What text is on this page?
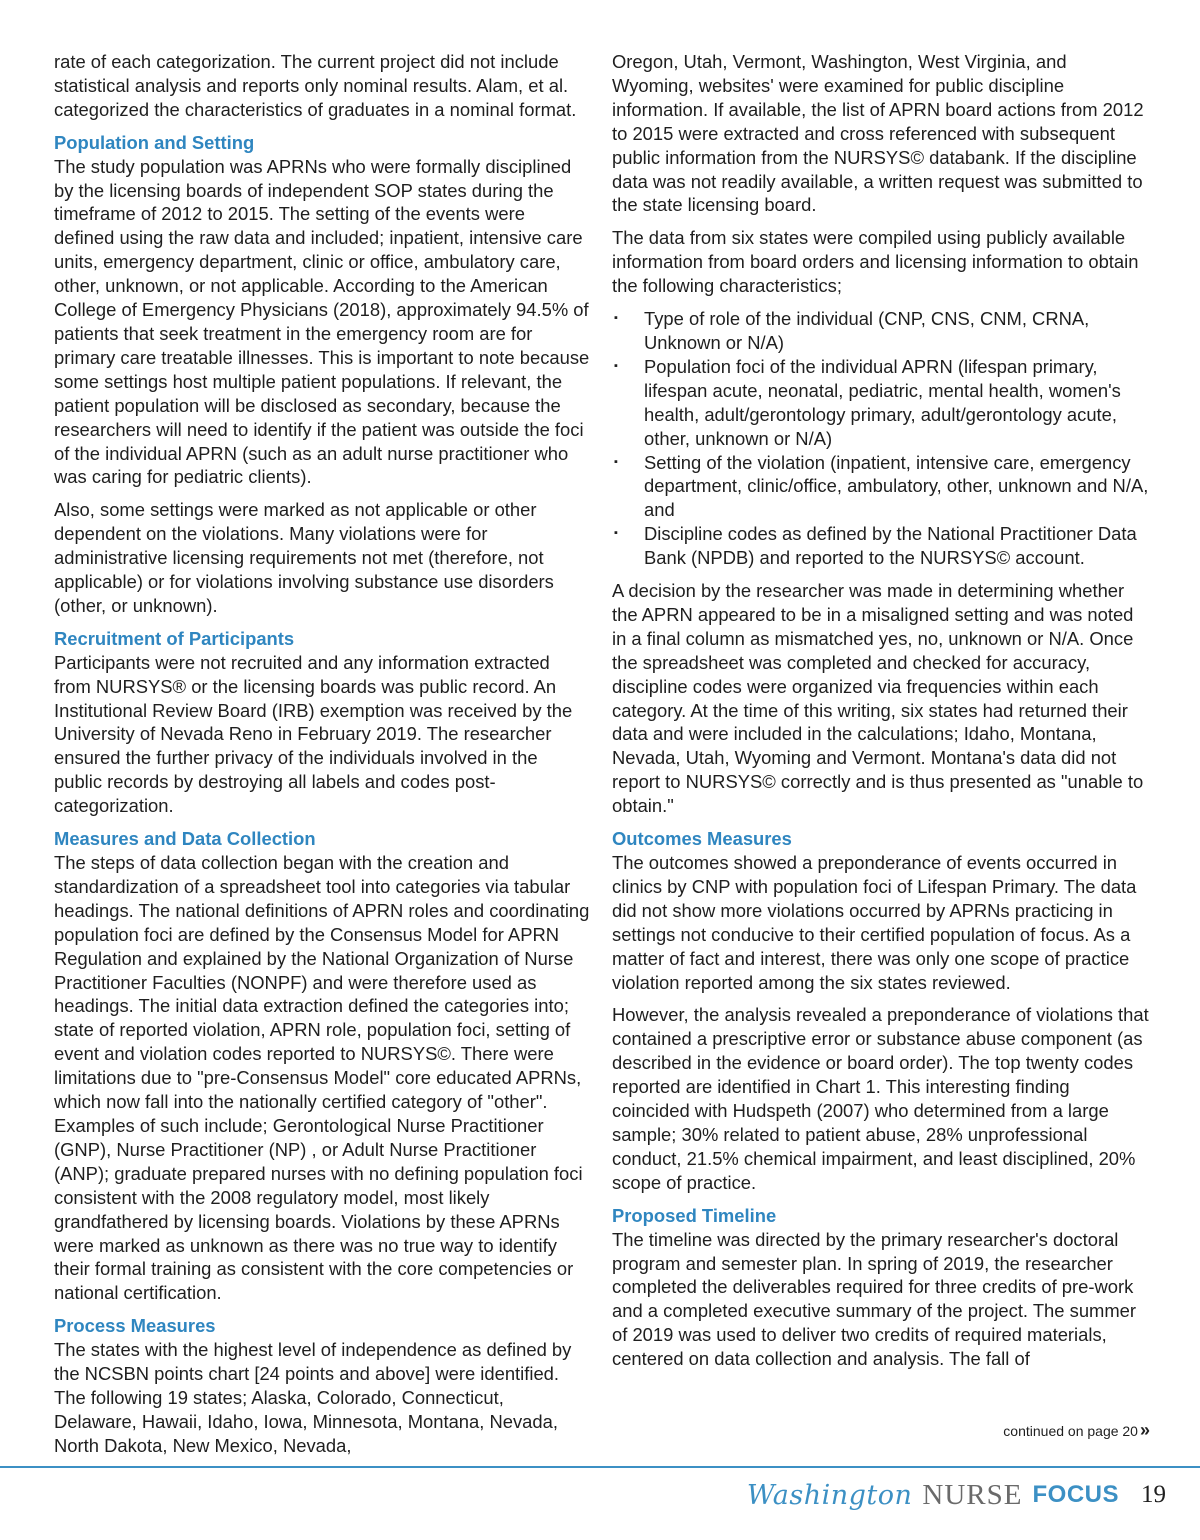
rate of each categorization. The current project did not include statistical analysis and reports only nominal results. Alam, et al. categorized the characteristics of graduates in a nominal format.

Population and Setting

The study population was APRNs who were formally disciplined by the licensing boards of independent SOP states during the timeframe of 2012 to 2015. The setting of the events were defined using the raw data and included; inpatient, intensive care units, emergency department, clinic or office, ambulatory care, other, unknown, or not applicable. According to the American College of Emergency Physicians (2018), approximately 94.5% of patients that seek treatment in the emergency room are for primary care treatable illnesses. This is important to note because some settings host multiple patient populations. If relevant, the patient population will be disclosed as secondary, because the researchers will need to identify if the patient was outside the foci of the individual APRN (such as an adult nurse practitioner who was caring for pediatric clients).

Also, some settings were marked as not applicable or other dependent on the violations. Many violations were for administrative licensing requirements not met (therefore, not applicable) or for violations involving substance use disorders (other, or unknown).

Recruitment of Participants

Participants were not recruited and any information extracted from NURSYS® or the licensing boards was public record. An Institutional Review Board (IRB) exemption was received by the University of Nevada Reno in February 2019. The researcher ensured the further privacy of the individuals involved in the public records by destroying all labels and codes post-categorization.

Measures and Data Collection

The steps of data collection began with the creation and standardization of a spreadsheet tool into categories via tabular headings. The national definitions of APRN roles and coordinating population foci are defined by the Consensus Model for APRN Regulation and explained by the National Organization of Nurse Practitioner Faculties (NONPF) and were therefore used as headings. The initial data extraction defined the categories into; state of reported violation, APRN role, population foci, setting of event and violation codes reported to NURSYS©. There were limitations due to "pre-Consensus Model" core educated APRNs, which now fall into the nationally certified category of "other". Examples of such include; Gerontological Nurse Practitioner (GNP), Nurse Practitioner (NP) , or Adult Nurse Practitioner (ANP); graduate prepared nurses with no defining population foci consistent with the 2008 regulatory model, most likely grandfathered by licensing boards. Violations by these APRNs were marked as unknown as there was no true way to identify their formal training as consistent with the core competencies or national certification.

Process Measures

The states with the highest level of independence as defined by the NCSBN points chart [24 points and above] were identified. The following 19 states; Alaska, Colorado, Connecticut, Delaware, Hawaii, Idaho, Iowa, Minnesota, Montana, Nevada, North Dakota, New Mexico, Nevada,

Oregon, Utah, Vermont, Washington, West Virginia, and Wyoming, websites' were examined for public discipline information. If available, the list of APRN board actions from 2012 to 2015 were extracted and cross referenced with subsequent public information from the NURSYS© databank. If the discipline data was not readily available, a written request was submitted to the state licensing board.

The data from six states were compiled using publicly available information from board orders and licensing information to obtain the following characteristics;

▪ Type of role of the individual (CNP, CNS, CNM, CRNA, Unknown or N/A)
▪ Population foci of the individual APRN (lifespan primary, lifespan acute, neonatal, pediatric, mental health, women's health, adult/gerontology primary, adult/gerontology acute, other, unknown or N/A)
▪ Setting of the violation (inpatient, intensive care, emergency department, clinic/office, ambulatory, other, unknown and N/A, and
▪ Discipline codes as defined by the National Practitioner Data Bank (NPDB) and reported to the NURSYS© account.

A decision by the researcher was made in determining whether the APRN appeared to be in a misaligned setting and was noted in a final column as mismatched yes, no, unknown or N/A. Once the spreadsheet was completed and checked for accuracy, discipline codes were organized via frequencies within each category. At the time of this writing, six states had returned their data and were included in the calculations; Idaho, Montana, Nevada, Utah, Wyoming and Vermont. Montana's data did not report to NURSYS© correctly and is thus presented as "unable to obtain."

Outcomes Measures

The outcomes showed a preponderance of events occurred in clinics by CNP with population foci of Lifespan Primary. The data did not show more violations occurred by APRNs practicing in settings not conducive to their certified population of focus. As a matter of fact and interest, there was only one scope of practice violation reported among the six states reviewed.

However, the analysis revealed a preponderance of violations that contained a prescriptive error or substance abuse component (as described in the evidence or board order). The top twenty codes reported are identified in Chart 1. This interesting finding coincided with Hudspeth (2007) who determined from a large sample; 30% related to patient abuse, 28% unprofessional conduct, 21.5% chemical impairment, and least disciplined, 20% scope of practice.

Proposed Timeline

The timeline was directed by the primary researcher's doctoral program and semester plan. In spring of 2019, the researcher completed the deliverables required for three credits of pre-work and a completed executive summary of the project. The summer of 2019 was used to deliver two credits of required materials, centered on data collection and analysis. The fall of

continued on page 20 »
Washington NURSE FOCUS 19
